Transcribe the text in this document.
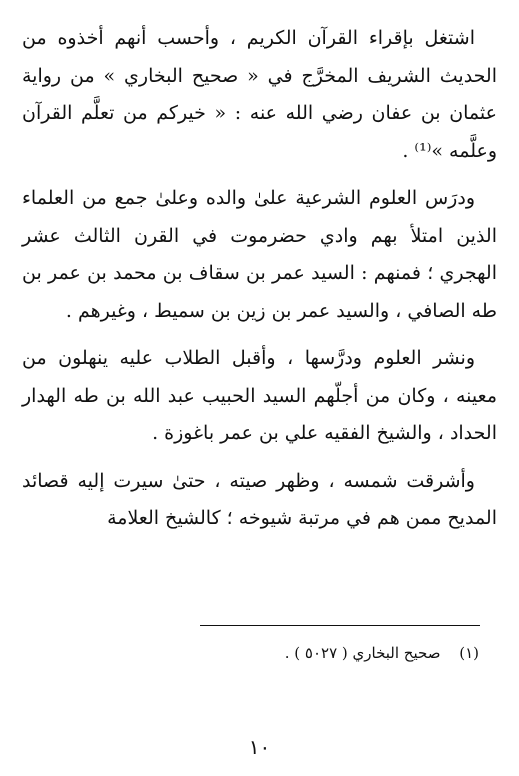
اشتغل بإقراء القرآن الكريم ، وأحسب أنهم أخذوه من الحديث الشريف المخرَّج في « صحيح البخاري » من رواية عثمان بن عفان رضي الله عنه : « خيركم من تعلَّم القرآن وعلَّمه »⁽¹⁾ .

ودرَس العلوم الشرعية علىٰ والده وعلىٰ جمع من العلماء الذين امتلأ بهم وادي حضرموت في القرن الثالث عشر الهجري ؛ فمنهم : السيد عمر بن سقاف بن محمد بن عمر بن طه الصافي ، والسيد عمر بن زين بن سميط ، وغيرهم .

ونشر العلوم ودرَّسها ، وأقبل الطلاب عليه ينهلون من معينه ، وكان من أجلّهم السيد الحبيب عبد الله بن طه الهدار الحداد ، والشيخ الفقيه علي بن عمر باغوزة .

وأشرقت شمسه ، وظهر صيته ، حتىٰ سيرت إليه قصائد المديح ممن هم في مرتبة شيوخه ؛ كالشيخ العلامة

(١) صحيح البخاري ( ٥٠٢٧ ) .
١٠
